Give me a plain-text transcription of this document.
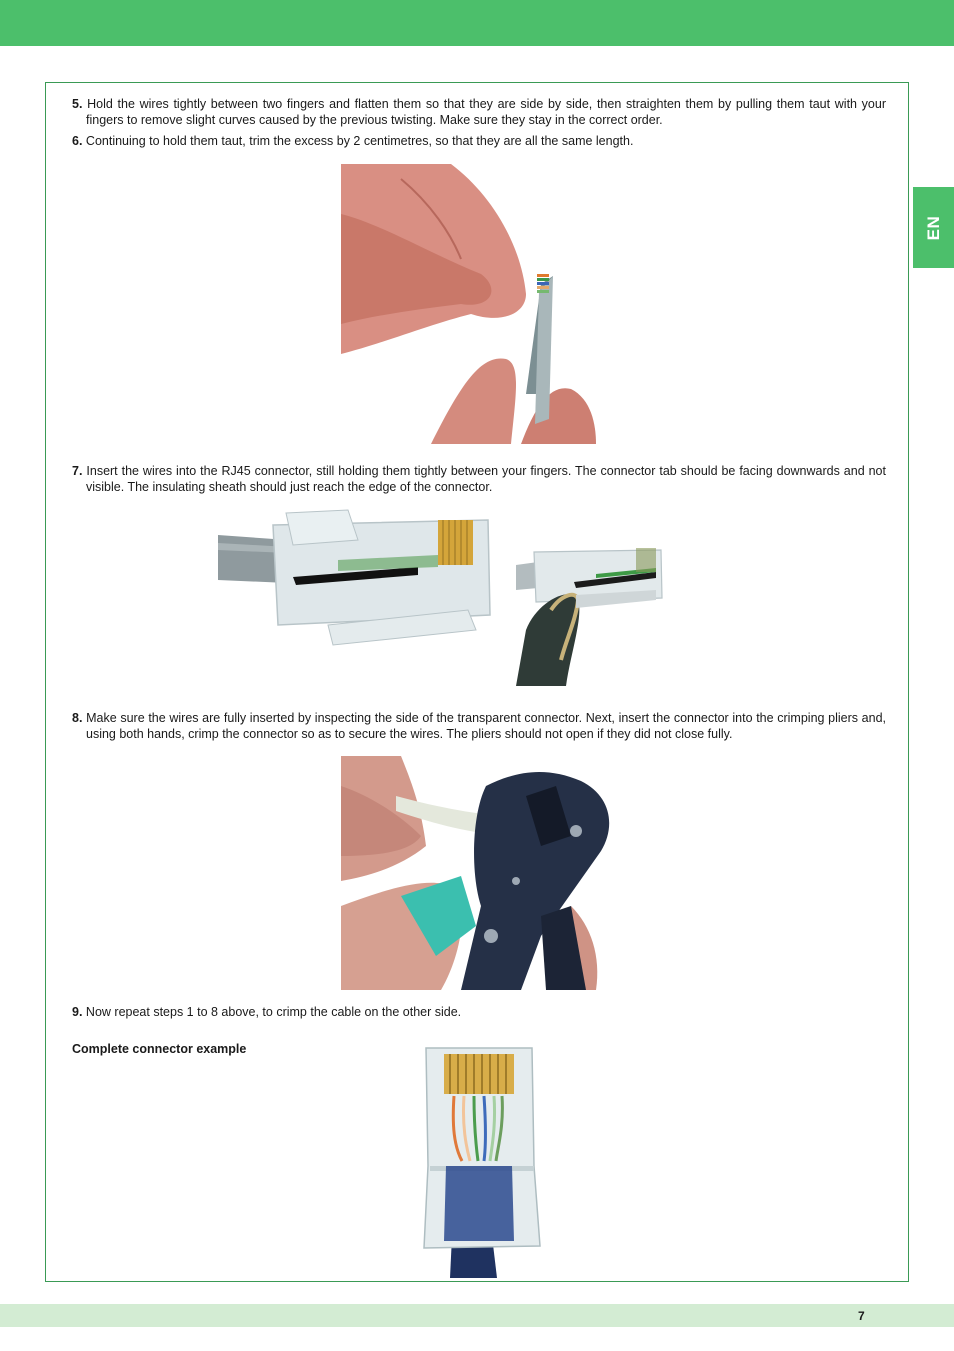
EN

5. Hold the wires tightly between two fingers and flatten them so that they are side by side, then straighten them by pulling them taut with your fingers to remove slight curves caused by the previous twisting. Make sure they stay in the correct order.

6. Continuing to hold them taut, trim the excess by 2 centimetres, so that they are all the same length.

7. Insert the wires into the RJ45 connector, still holding them tightly between your fingers. The connector tab should be facing downwards and not visible. The insulating sheath should just reach the edge of the connector.

8. Make sure the wires are fully inserted by inspecting the side of the transparent connector. Next, insert the connector into the crimping pliers and, using both hands, crimp the connector so as to secure the wires. The pliers should not open if they did not close fully.

9. Now repeat steps 1 to 8 above, to crimp the cable on the other side.

Complete connector example
7
